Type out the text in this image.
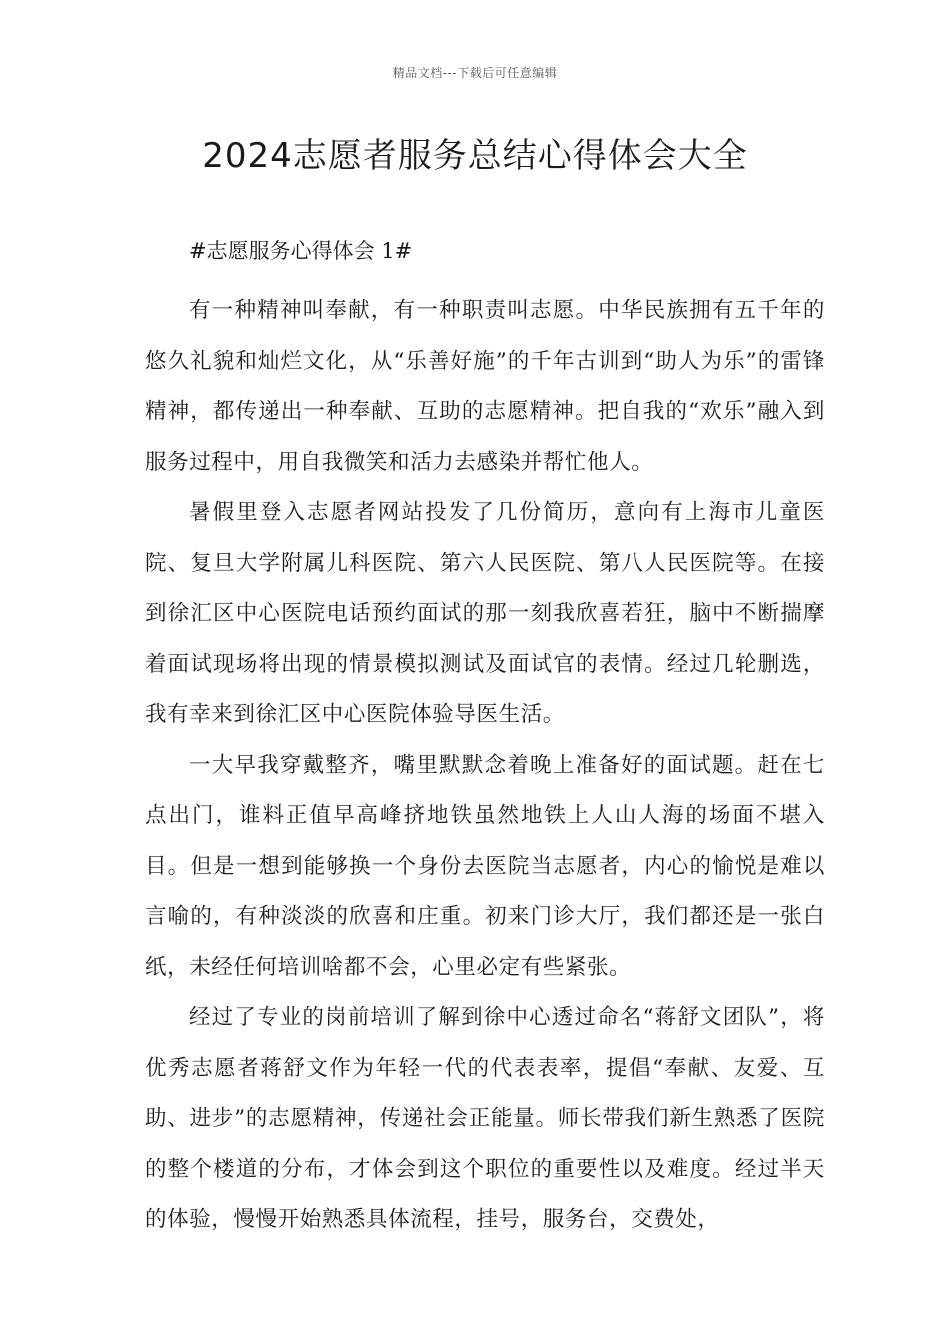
精品文档---下载后可任意编辑
2024志愿者服务总结心得体会大全

#志愿服务心得体会 1#

有一种精神叫奉献，有一种职责叫志愿。中华民族拥有五千年的悠久礼貌和灿烂文化，从“乐善好施”的千年古训到“助人为乐”的雷锋精神，都传递出一种奉献、互助的志愿精神。把自我的“欢乐”融入到服务过程中，用自我微笑和活力去感染并帮忙他人。

暑假里登入志愿者网站投发了几份简历，意向有上海市儿童医院、复旦大学附属儿科医院、第六人民医院、第八人民医院等。在接到徐汇区中心医院电话预约面试的那一刻我欣喜若狂，脑中不断揣摩着面试现场将出现的情景模拟测试及面试官的表情。经过几轮删选，我有幸来到徐汇区中心医院体验导医生活。

一大早我穿戴整齐，嘴里默默念着晚上准备好的面试题。赶在七点出门，谁料正值早高峰挤地铁虽然地铁上人山人海的场面不堪入目。但是一想到能够换一个身份去医院当志愿者，内心的愉悦是难以言喻的，有种淡淡的欣喜和庄重。初来门诊大厅，我们都还是一张白纸，未经任何培训啥都不会，心里必定有些紧张。

经过了专业的岗前培训了解到徐中心透过命名“蒋舒文团队”，将优秀志愿者蒋舒文作为年轻一代的代表表率，提倡“奉献、友爱、互助、进步”的志愿精神，传递社会正能量。师长带我们新生熟悉了医院的整个楼道的分布，才体会到这个职位的重要性以及难度。经过半天的体验，慢慢开始熟悉具体流程，挂号，服务台，交费处，
